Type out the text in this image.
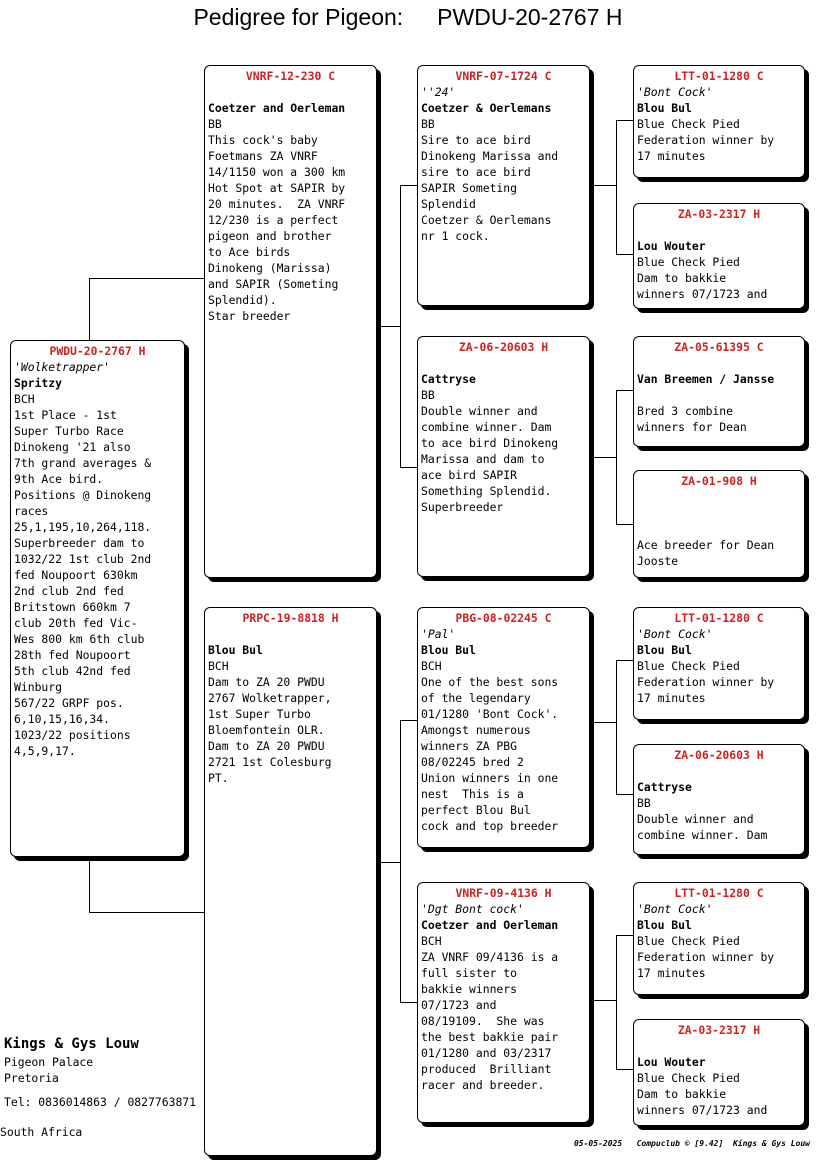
Pedigree for Pigeon: PWDU-20-2767 H
PWDU-20-2767 H
'Wolketrapper'
Spritzy
BCH
1st Place - 1st
Super Turbo Race
Dinokeng '21 also
7th grand averages &
9th Ace bird.
Positions @ Dinokeng
races
25,1,195,10,264,118.
Superbreeder dam to
1032/22 1st club 2nd
fed Noupoort 630km
2nd club 2nd fed
Britstown 660km 7
club 20th fed Vic-
Wes 800 km 6th club
28th fed Noupoort
5th club 42nd fed
Winburg
567/22 GRPF pos.
6,10,15,16,34.
1023/22 positions
4,5,9,17.
VNRF-12-230 C
Coetzer and Oerleman
BB
This cock's baby
Foetmans ZA VNRF
14/1150 won a 300 km
Hot Spot at SAPIR by
20 minutes.  ZA VNRF
12/230 is a perfect
pigeon and brother
to Ace birds
Dinokeng (Marissa)
and SAPIR (Someting
Splendid).
Star breeder
PRPC-19-8818 H
Blou Bul
BCH
Dam to ZA 20 PWDU
2767 Wolketrapper,
1st Super Turbo
Bloemfontein OLR.
Dam to ZA 20 PWDU
2721 1st Colesburg
PT.
VNRF-07-1724 C
''24'
Coetzer & Oerlemans
BB
Sire to ace bird
Dinokeng Marissa and
sire to ace bird
SAPIR Someting
Splendid
Coetzer & Oerlemans
nr 1 cock.
ZA-06-20603 H
Cattryse
BB
Double winner and
combine winner. Dam
to ace bird Dinokeng
Marissa and dam to
ace bird SAPIR
Something Splendid.
Superbreeder
PBG-08-02245 C
'Pal'
Blou Bul
BCH
One of the best sons
of the legendary
01/1280 'Bont Cock'.
Amongst numerous
winners ZA PBG
08/02245 bred 2
Union winners in one
nest  This is a
perfect Blou Bul
cock and top breeder
VNRF-09-4136 H
'Dgt Bont cock'
Coetzer and Oerleman
BCH
ZA VNRF 09/4136 is a
full sister to
bakkie winners
07/1723 and
08/19109.  She was
the best bakkie pair
01/1280 and 03/2317
produced  Brilliant
racer and breeder.
LTT-01-1280 C
'Bont Cock'
Blou Bul
Blue Check Pied
Federation winner by
17 minutes
ZA-03-2317 H
Lou Wouter
Blue Check Pied
Dam to bakkie
winners 07/1723 and
ZA-05-61395 C
Van Breemen / Jansse
Bred 3 combine
winners for Dean
ZA-01-908 H
Ace breeder for Dean
Jooste
LTT-01-1280 C
'Bont Cock'
Blou Bul
Blue Check Pied
Federation winner by
17 minutes
ZA-06-20603 H
Cattryse
BB
Double winner and
combine winner. Dam
LTT-01-1280 C
'Bont Cock'
Blou Bul
Blue Check Pied
Federation winner by
17 minutes
ZA-03-2317 H
Lou Wouter
Blue Check Pied
Dam to bakkie
winners 07/1723 and
Kings & Gys Louw
Pigeon Palace
Pretoria
Tel: 0836014863 / 0827763871
South Africa
05-05-2025 Compuclub © [9.42]  Kings & Gys Louw
